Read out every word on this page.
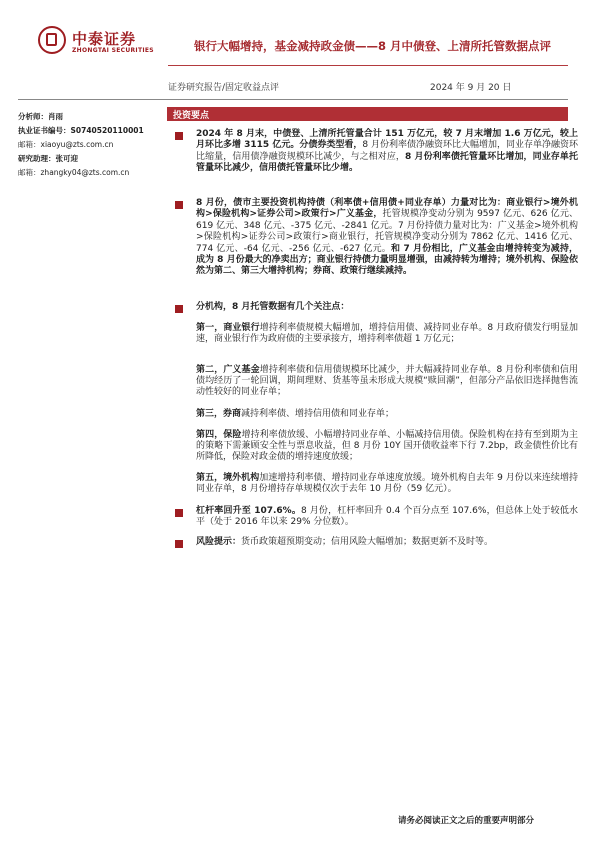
中泰证券
ZHONGTAI SECURITIES	银行大幅增持，基金减持政金债——8 月中债登、上清所托管数据点评
证券研究报告/固定收益点评	2024 年 9 月 20 日
分析师：肖雨
执业证书编号：S0740520110001
邮箱：xiaoyu@zts.com.cn
研究助理：张可迎
邮箱：zhangky04@zts.com.cn
投资要点
2024 年 8 月末，中债登、上清所托管量合计 151 万亿元，较 7 月末增加 1.6 万亿元，较上月环比多增 3115 亿元。分债券类型看，8 月份利率债净融资环比大幅增加，同业存单净融资环比缩量，信用债净融资规模环比减少，与之相对应，8 月份利率债托管量环比增加，同业存单托管量环比减少，信用债托管量环比少增。
8 月份，债市主要投资机构持债（利率债+信用债+同业存单）力量对比为：商业银行>境外机构>保险机构>证券公司>政策行>广义基金，托管规模净变动分别为 9597 亿元、626 亿元、619 亿元、348 亿元、-375 亿元、-2841 亿元。7 月份持债力量对比为：广义基金>境外机构>保险机构>证券公司>政策行>商业银行，托管规模净变动分别为 7862 亿元、1416 亿元、774 亿元、-64 亿元、-256 亿元、-627 亿元。和 7 月份相比，广义基金由增持转变为减持，成为 8 月份最大的净卖出方；商业银行持债力量明显增强，由减持转为增持；境外机构、保险依然为第二、第三大增持机构；券商、政策行继续减持。
分机构，8 月托管数据有几个关注点：
第一，商业银行增持利率债规模大幅增加，增持信用债、减持同业存单。8 月政府债发行明显加速，商业银行作为政府债的主要承接方，增持利率债超 1 万亿元；
第二，广义基金增持利率债和信用债规模环比减少，并大幅减持同业存单。8 月份利率债和信用债均经历了一轮回调，期间理财、货基等虽未形成大规模“赎回潮”，但部分产品依旧选择抛售流动性较好的同业存单；
第三，券商减持利率债、增持信用债和同业存单；
第四，保险增持利率债放缓、小幅增持同业存单、小幅减持信用债。保险机构在持有至到期为主的策略下需兼顾安全性与票息收益，但 8 月份 10Y 国开债收益率下行 7.2bp，政金债性价比有所降低，保险对政金债的增持速度放缓；
第五，境外机构加速增持利率债、增持同业存单速度放缓。境外机构自去年 9 月份以来连续增持同业存单，8 月份增持存单规模仅次于去年 10 月份（59 亿元）。
杠杆率回升至 107.6%。8 月份，杠杆率回升 0.4 个百分点至 107.6%，但总体上处于较低水平（处于 2016 年以来 29% 分位数）。
风险提示：货币政策超预期变动；信用风险大幅增加；数据更新不及时等。
请务必阅读正文之后的重要声明部分
